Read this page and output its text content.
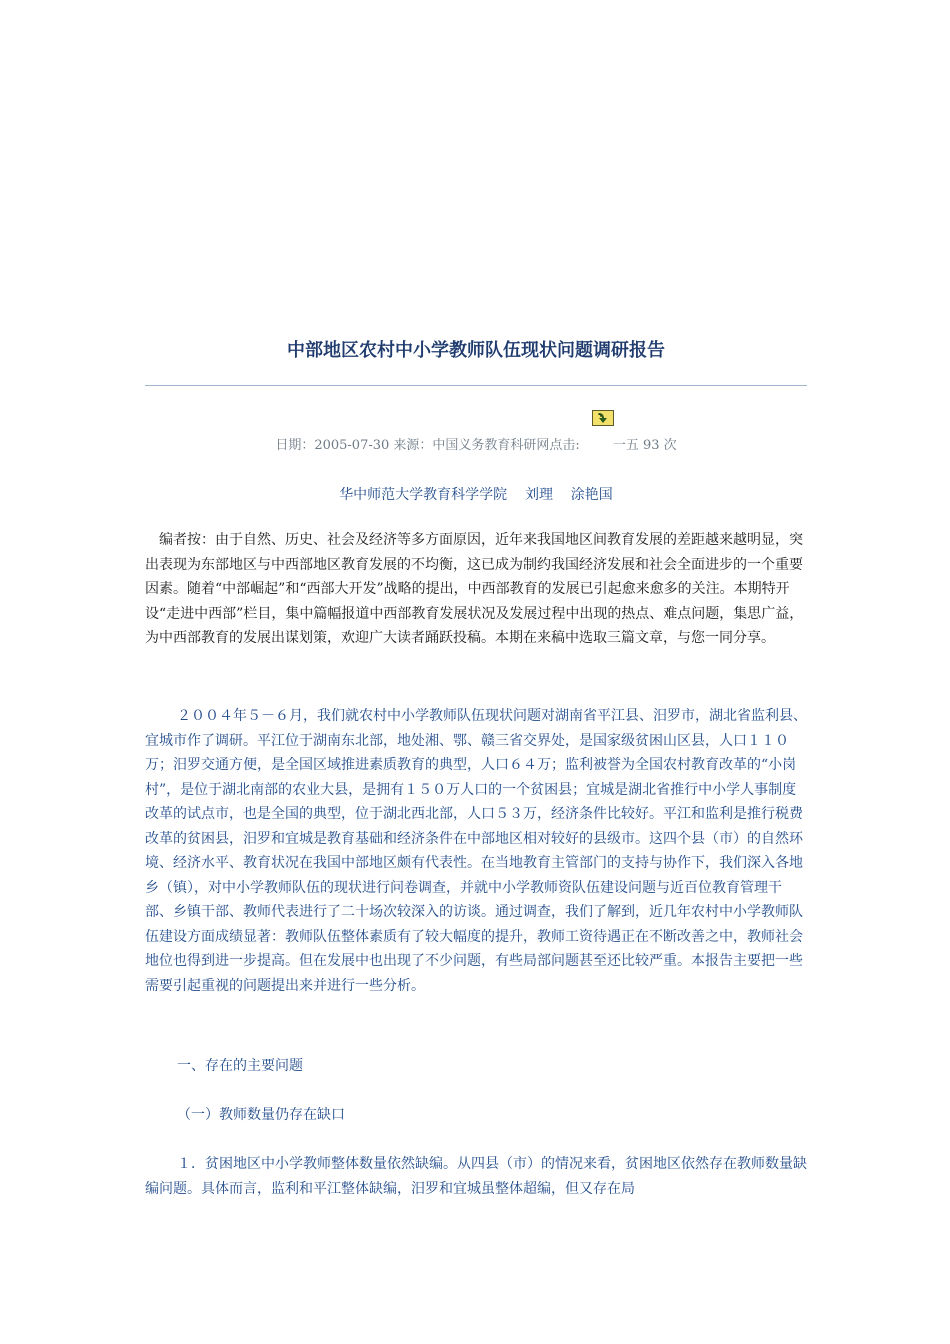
中部地区农村中小学教师队伍现状问题调研报告
日期：2005-07-30 来源：中国义务教育科研网点击:        一五 93 次
华中师范大学教育科学学院    刘理    涂艳国

编者按：由于自然、历史、社会及经济等多方面原因，近年来我国地区间教育发展的差距越来越明显，突出表现为东部地区与中西部地区教育发展的不均衡，这已成为制约我国经济发展和社会全面进步的一个重要因素。随着“中部崛起”和“西部大开发”战略的提出，中西部教育的发展已引起愈来愈多的关注。本期特开设“走进中西部”栏目，集中篇幅报道中西部教育发展状况及发展过程中出现的热点、难点问题，集思广益，为中西部教育的发展出谋划策，欢迎广大读者踊跃投稿。本期在来稿中选取三篇文章，与您一同分享。

２００４年５－６月，我们就农村中小学教师队伍现状问题对湖南省平江县、汨罗市，湖北省监利县、宜城市作了调研。平江位于湖南东北部，地处湘、鄂、赣三省交界处，是国家级贫困山区县，人口１１０万；汨罗交通方便，是全国区域推进素质教育的典型，人口６４万；监利被誉为全国农村教育改革的“小岗村”，是位于湖北南部的农业大县，是拥有１５０万人口的一个贫困县；宜城是湖北省推行中小学人事制度改革的试点市，也是全国的典型，位于湖北西北部，人口５３万，经济条件比较好。平江和监利是推行税费改革的贫困县，汨罗和宜城是教育基础和经济条件在中部地区相对较好的县级市。这四个县（市）的自然环境、经济水平、教育状况在我国中部地区颇有代表性。在当地教育主管部门的支持与协作下，我们深入各地乡（镇），对中小学教师队伍的现状进行问卷调查，并就中小学教师资队伍建设问题与近百位教育管理干部、乡镇干部、教师代表进行了二十场次较深入的访谈。通过调查，我们了解到，近几年农村中小学教师队伍建设方面成绩显著：教师队伍整体素质有了较大幅度的提升，教师工资待遇正在不断改善之中，教师社会地位也得到进一步提高。但在发展中也出现了不少问题，有些局部问题甚至还比较严重。本报告主要把一些需要引起重视的问题提出来并进行一些分析。

一、存在的主要问题

（一）教师数量仍存在缺口

１．贫困地区中小学教师整体数量依然缺编。从四县（市）的情况来看，贫困地区依然存在教师数量缺编问题。具体而言，监利和平江整体缺编，汨罗和宜城虽整体超编，但又存在局
